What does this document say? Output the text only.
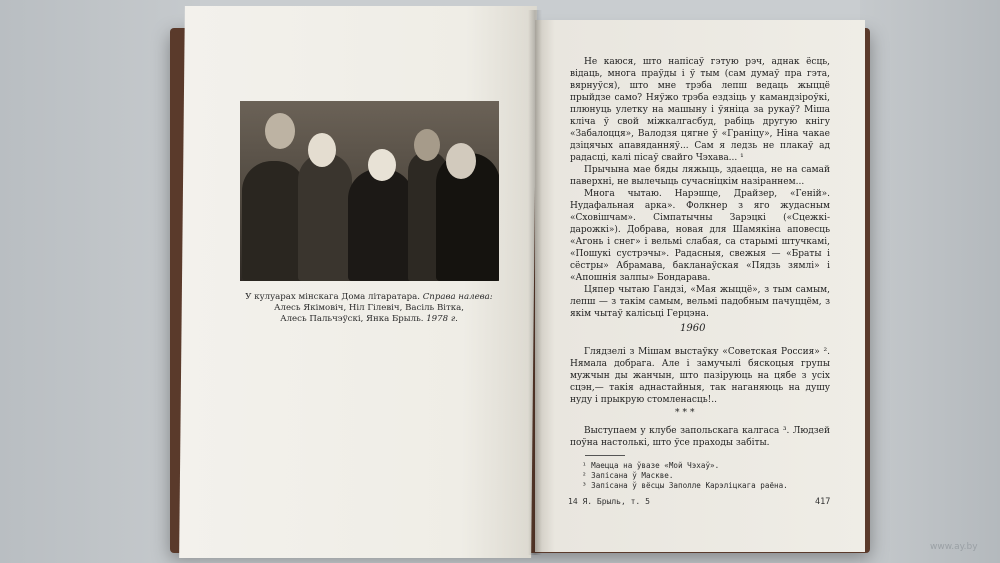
У кулуарах мінскага Дома літаратара. Справа налева:
Алесь Якімовіч, Ніл Гілевіч, Васіль Вітка,
Алесь Пальчэўскі, Янка Брыль. 1978 г.

Не каюся, што напісаў гэтую рэч, аднак ёсць, відаць, многа праўды і ў тым (сам думаў пра гэта, вярнуўся), што мне трэба лепш ведаць жыццё прыйдзе само? Няўжо трэба ездзіць у камандзіроўкі, плюнуць улетку на машыну і ўяніца за рукаў? Міша кліча ў свой міжкалгасбуд, рабіць другую кнігу «Забалоцця», Валодзя цягне ў «Граніцу», Ніна чакае дзіцячых апавяданняў... Сам я ледзь не плакаў ад радасці, калі пісаў свайго Чэхава... ¹

Прычына мае бяды ляжыць, здаецца, не на самай паверхні, не вылечыць сучасніцкім назіраннем...

Многа чытаю. Нарэшце, Драйзер, «Геній». Нудафальная арка». Фолкнер з яго жудасным «Сховішчам». Сімпатычны Зарэцкі («Сцежкі-дарожкі»). Добрава, новая для Шамякіна аповесць «Агонь і снег» і вельмі слабая, са старымі штучкамі, «Пошукі сустрэчы». Радасныя, свежыя — «Браты і сёстры» Абрамава, бакланаўская «Пядзь зямлі» і «Апошнія залпы» Бондарава.

Цяпер чытаю Гандзі, «Мая жыццё», з тым самым, лепш — з такім самым, вельмі падобным пачуццём, з якім чытаў калісьці Герцэна.

1960

Глядзелі з Мішам выстаўку «Советская Россия» ². Нямала добрага. Але і замучылі бяскоцыя групы мужчын ды жанчын, што пазіруюць на цябе з усіх сцэн,— такія аднастайныя, так наганяюць на душу нуду і прыкрую стомленасць!..

***

Выступаем у клубе запольскага калгаса ³. Людзей поўна настолькі, што ўсе праходы забіты.

¹ Маецца на ўвазе «Мой Чэхаў».
² Запісана ў Маскве.
³ Запісана ў вёсцы Заполле Карэліцкага раёна.
14 Я. Брыль, т. 5	417
www.ay.by
